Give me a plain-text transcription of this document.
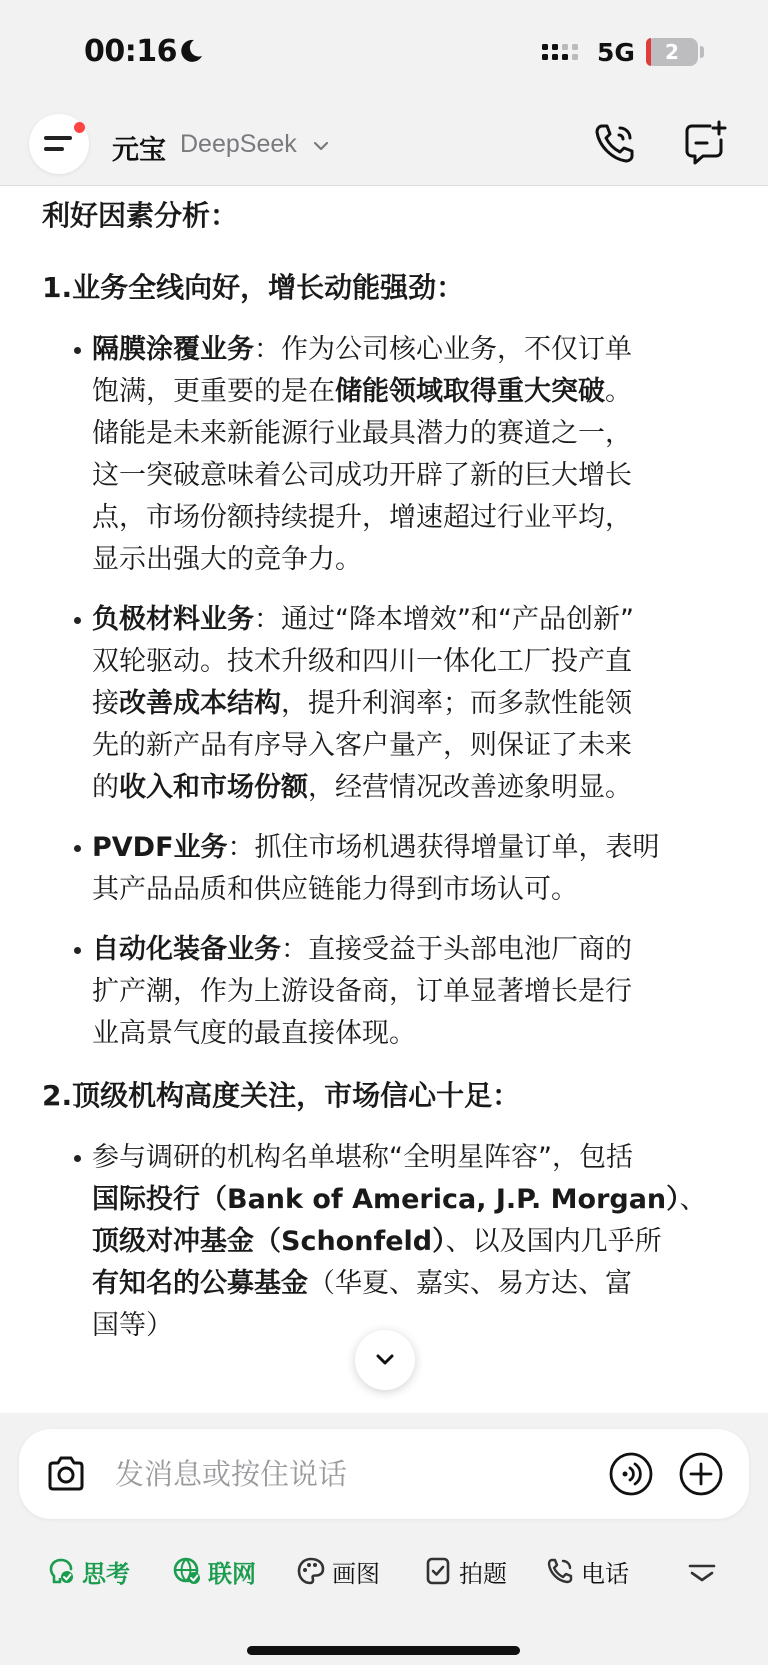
00:16	5G	2
元宝 DeepSeek
利好因素分析：
1.业务全线向好，增长动能强劲：
隔膜涂覆业务：作为公司核心业务，不仅订单
饱满，更重要的是在储能领域取得重大突破。
储能是未来新能源行业最具潜力的赛道之一，
这一突破意味着公司成功开辟了新的巨大增长
点，市场份额持续提升，增速超过行业平均，
显示出强大的竞争力。
负极材料业务：通过“降本增效”和“产品创新”
双轮驱动。技术升级和四川一体化工厂投产直
接改善成本结构，提升利润率；而多款性能领
先的新产品有序导入客户量产，则保证了未来
的收入和市场份额，经营情况改善迹象明显。
PVDF业务：抓住市场机遇获得增量订单，表明
其产品品质和供应链能力得到市场认可。
自动化装备业务：直接受益于头部电池厂商的
扩产潮，作为上游设备商，订单显著增长是行
业高景气度的最直接体现。
2.顶级机构高度关注，市场信心十足：
参与调研的机构名单堪称“全明星阵容”，包括
国际投行（Bank of America, J.P. Morgan）、
顶级对冲基金（Schonfeld）、以及国内几乎所
有知名的公募基金（华夏、嘉实、易方达、富
国等）
发消息或按住说话
思考	联网	画图	拍题	电话
